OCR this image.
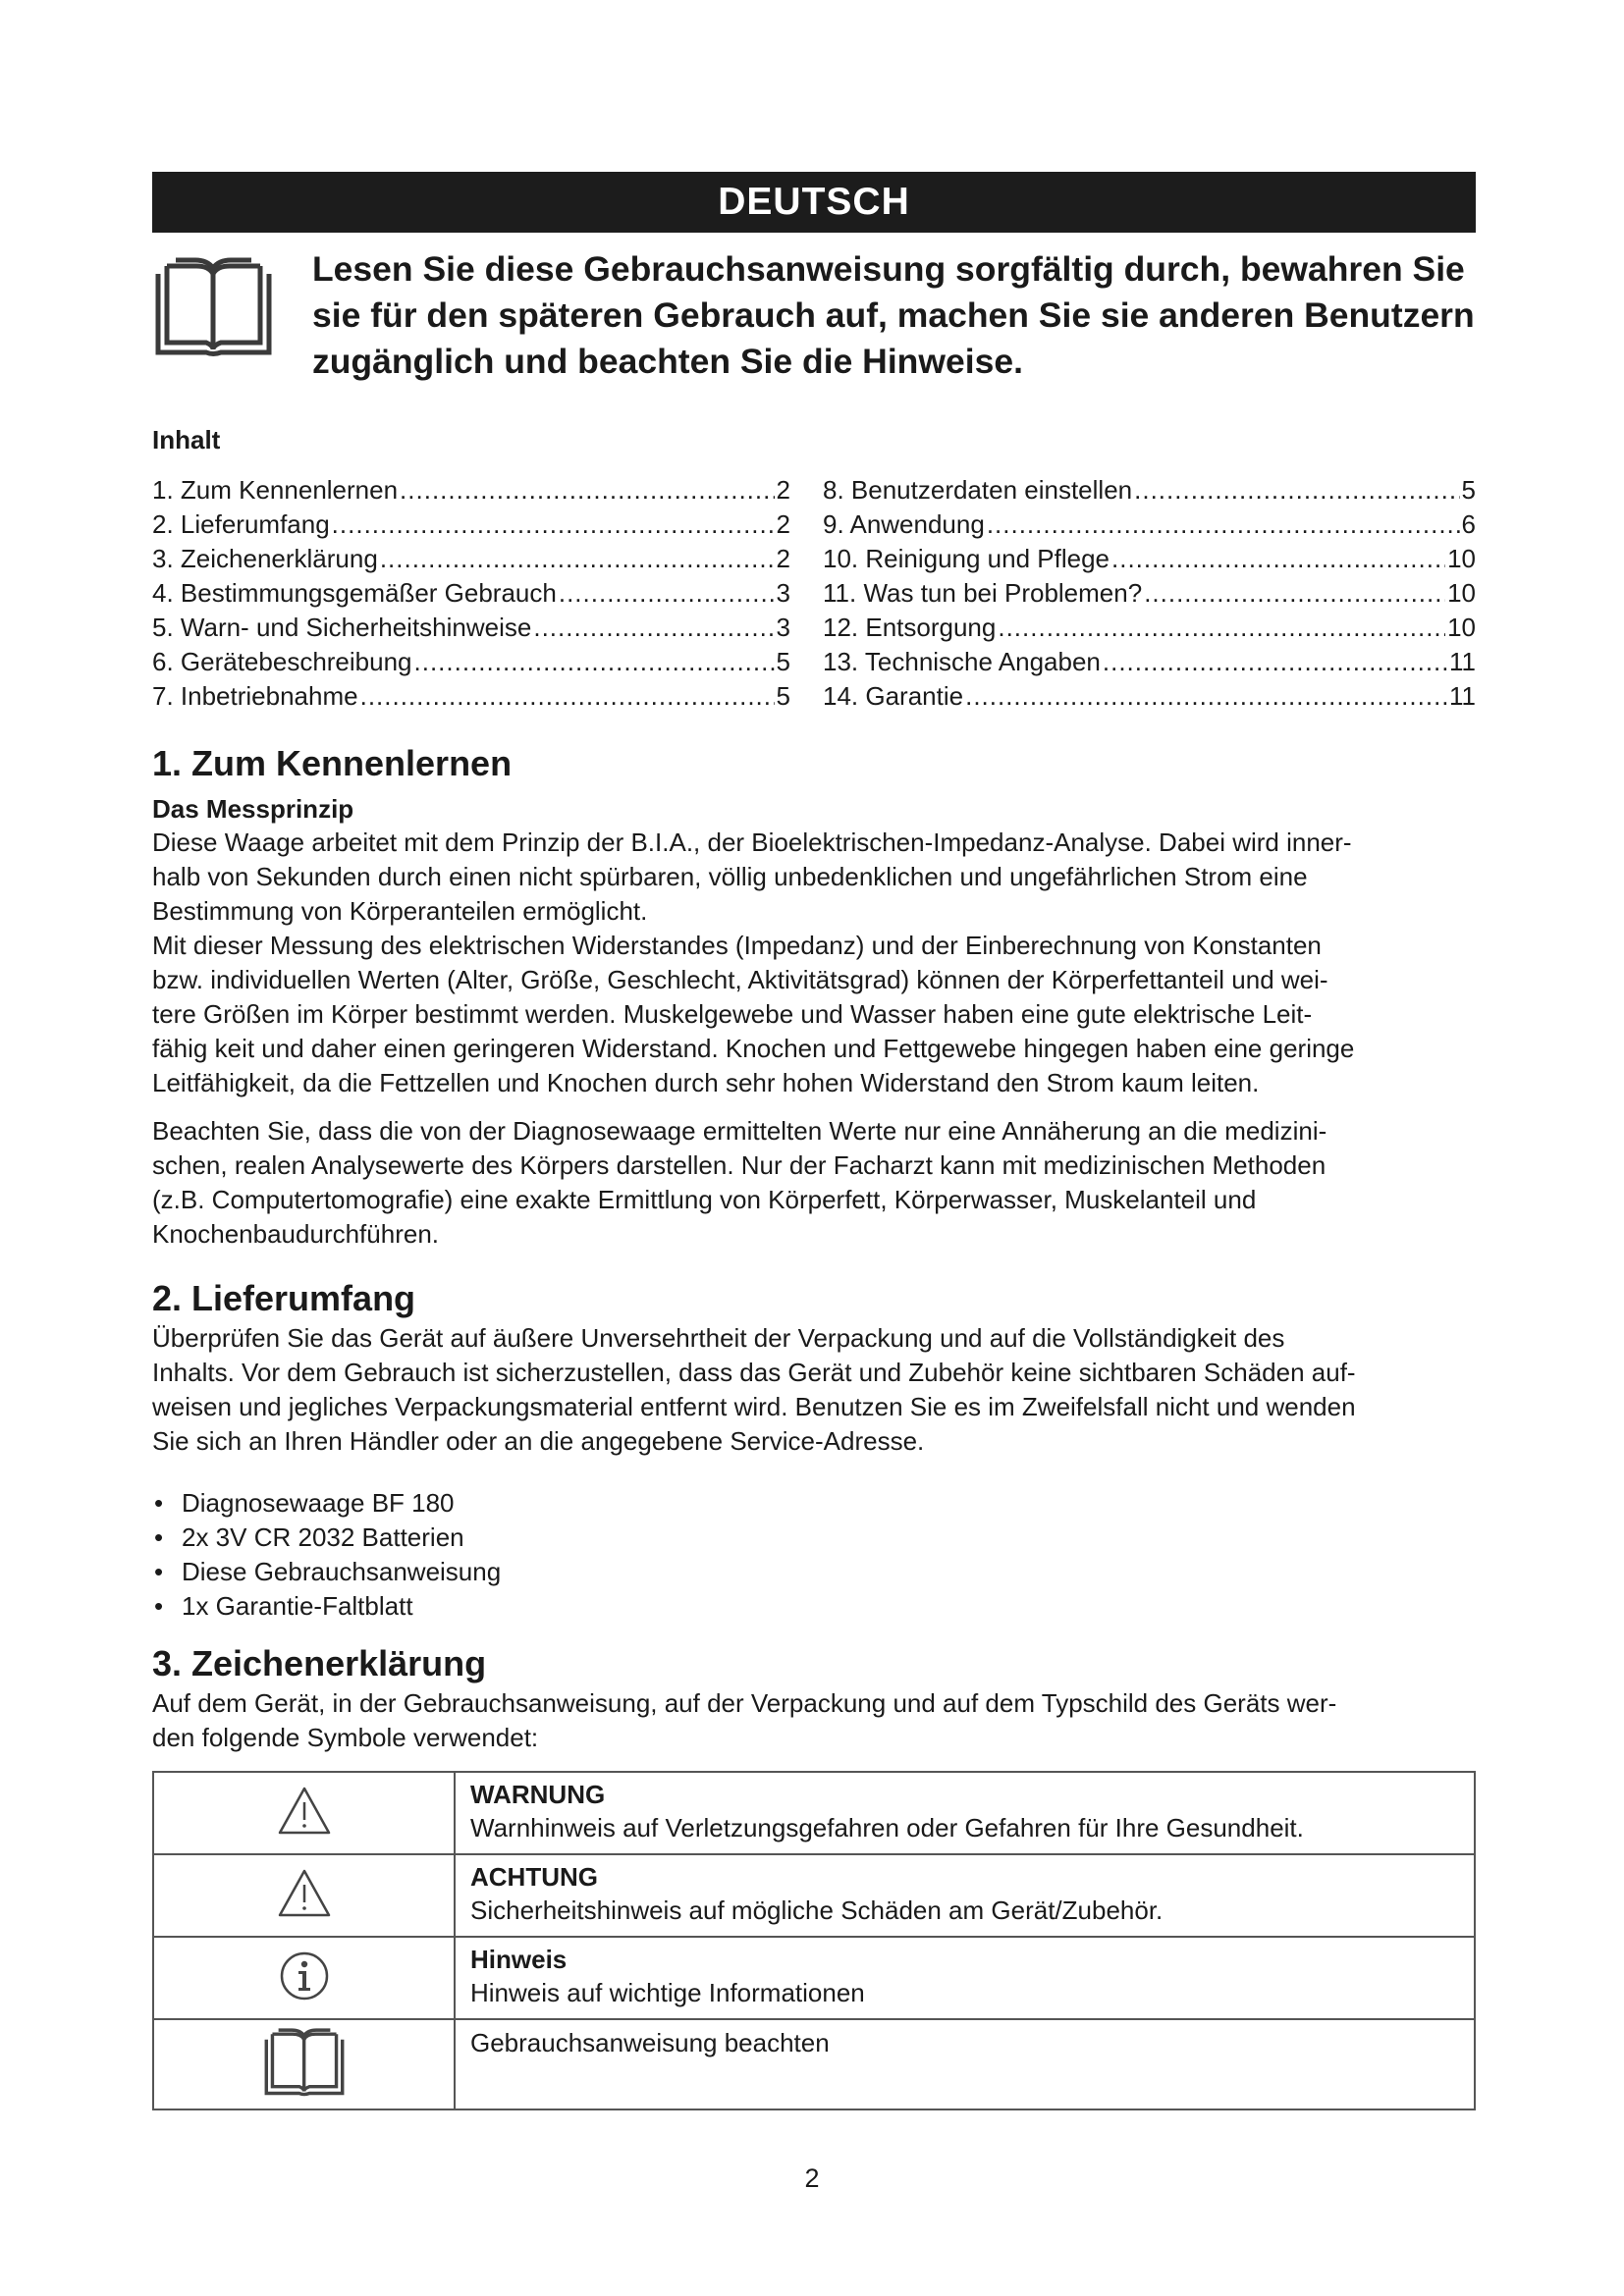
DEUTSCH
Lesen Sie diese Gebrauchsanweisung sorgfältig durch, bewahren Sie
sie für den späteren Gebrauch auf, machen Sie sie anderen Benutzern
zugänglich und beachten Sie die Hinweise.
Inhalt
1. Zum Kennenlernen .....	2
2. Lieferumfang .....	2
3. Zeichenerklärung .....	2
4. Bestimmungsgemäßer Gebrauch .....	3
5. Warn- und Sicherheitshinweise .....	3
6. Gerätebeschreibung .....	5
7. Inbetriebnahme .....	5
8. Benutzerdaten einstellen .....	5
9. Anwendung .....	6
10. Reinigung und Pflege .....	10
11. Was tun bei Problemen? .....	10
12. Entsorgung .....	10
13. Technische Angaben .....	11
14. Garantie .....	11
1. Zum Kennenlernen
Das Messprinzip

Diese Waage arbeitet mit dem Prinzip der B.I.A., der Bioelektrischen-Impedanz-Analyse. Dabei wird inner-

halb von Sekunden durch einen nicht spürbaren, völlig unbedenklichen und ungefährlichen Strom eine

Bestimmung von Körperanteilen ermöglicht.

Mit dieser Messung des elektrischen Widerstandes (Impedanz) und der Einberechnung von Konstanten

bzw. individuellen Werten (Alter, Größe, Geschlecht, Aktivitätsgrad) können der Körperfettanteil und wei-

tere Größen im Körper bestimmt werden. Muskelgewebe und Wasser haben eine gute elektrische Leit-

fähig keit und daher einen geringeren Widerstand. Knochen und Fettgewebe hingegen haben eine geringe

Leitfähigkeit, da die Fettzellen und Knochen durch sehr hohen Widerstand den Strom kaum leiten.

Beachten Sie, dass die von der Diagnosewaage ermittelten Werte nur eine Annäherung an die medizini-

schen, realen Analysewerte des Körpers darstellen. Nur der Facharzt kann mit medizinischen Methoden

(z.B. Computertomografie) eine exakte Ermittlung von Körperfett, Körperwasser, Muskelanteil und

Knochenbaudurchführen.

2. Lieferumfang

Überprüfen Sie das Gerät auf äußere Unversehrtheit der Verpackung und auf die Vollständigkeit des

Inhalts. Vor dem Gebrauch ist sicherzustellen, dass das Gerät und Zubehör keine sichtbaren Schäden auf-

weisen und jegliches Verpackungsmaterial entfernt wird. Benutzen Sie es im Zweifelsfall nicht und wenden

Sie sich an Ihren Händler oder an die angegebene Service-Adresse.

• Diagnosewaage BF 180
• 2x 3V CR 2032 Batterien
• Diese Gebrauchsanweisung
• 1x Garantie-Faltblatt
3. Zeichenerklärung

Auf dem Gerät, in der Gebrauchsanweisung, auf der Verpackung und auf dem Typschild des Geräts wer-

den folgende Symbole verwendet:

WARNUNG
Warnhinweis auf Verletzungsgefahren oder Gefahren für Ihre Gesundheit.

ACHTUNG
Sicherheitshinweis auf mögliche Schäden am Gerät/Zubehör.

Hinweis
Hinweis auf wichtige Informationen

Gebrauchsanweisung beachten
2
